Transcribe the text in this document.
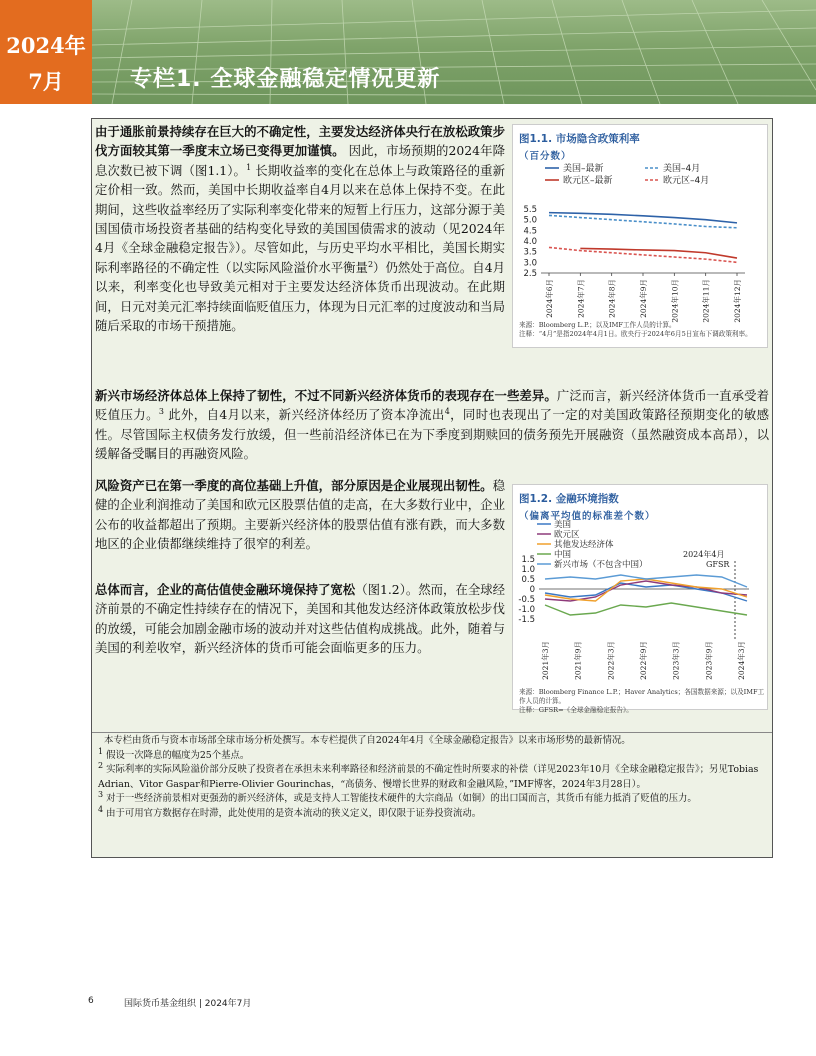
2024年
7月	专栏1. 全球金融稳定情况更新
由于通胀前景持续存在巨大的不确定性，主要发达经济体央行在放松政策步伐方面较其第一季度末立场已变得更加谨慎。 因此，市场预期的2024年降息次数已被下调（图1.1）。$^1$ 长期收益率的变化在总体上与政策路径的重新定价相一致。然而，美国中长期收益率自4月以来在总体上保持不变。在此期间，这些收益率经历了实际利率变化带来的短暂上行压力，这部分源于美国国债市场投资者基础的结构变化导致的美国国债需求的波动（见2024年4月《全球金融稳定报告》）。尽管如此，与历史平均水平相比，美国长期实际利率路径的不确定性（以实际风险溢价水平衡量$^2$）仍然处于高位。自4月以来，利率变化也导致美元相对于主要发达经济体货币出现波动。在此期间，日元对美元汇率持续面临贬值压力，体现为日元汇率的过度波动和当局随后采取的市场干预措施。
新兴市场经济体总体上保持了韧性，不过不同新兴经济体货币的表现存在一些差异。广泛而言，新兴经济体货币一直承受着贬值压力。$^3$ 此外，自4月以来，新兴经济体经历了资本净流出$^4$，同时也表现出了一定的对美国政策路径预期变化的敏感性。尽管国际主权债务发行放缓，但一些前沿经济体已在为下季度到期赎回的债务预先开展融资（虽然融资成本高昂），以缓解备受瞩目的再融资风险。
风险资产已在第一季度的高位基础上升值，部分原因是企业展现出韧性。稳健的企业利润推动了美国和欧元区股票估值的走高，在大多数行业中，企业公布的收益都超出了预期。主要新兴经济体的股票估值有涨有跌，而大多数地区的企业债都继续维持了很窄的利差。
总体而言，企业的高估值使金融环境保持了宽松（图1.2）。然而，在全球经济前景的不确定性持续存在的情况下，美国和其他发达经济体政策放松步伐的放缓，可能会加剧金融市场的波动并对这些估值构成挑战。此外，随着与美国的利差收窄，新兴经济体的货币可能会面临更多的压力。
图1.1. 市场隐含政策利率
（百分数）
美国–最新	美国–4月
欧元区–最新	欧元区–4月
5.5
5.0
4.5
4.0
3.5
3.0
2.5
2024年6月	2024年7月	2024年8月	2024年9月	2024年10月	2024年11月	2024年12月
来源：Bloomberg L.P.；以及IMF工作人员的计算。
注释：“4月”是指2024年4月1日。欧央行于2024年6月5日宣布下调政策利率。
图1.2. 金融环境指数
（偏离平均值的标准差个数）
美国
欧元区
其他发达经济体
中国
新兴市场（不包含中国）
2024年4月
GFSR
1.5
1.0
0.5
0
-0.5
-1.0
-1.5
2021年3月	2021年9月	2022年3月	2022年9月	2023年3月	2023年9月	2024年3月
来源：Bloomberg Finance L.P.；Haver Analytics；各国数据来源；以及IMF工作人员的计算。
注释：GFSR=《全球金融稳定报告》。
本专栏由货币与资本市场部全球市场分析处撰写。本专栏提供了自2024年4月《全球金融稳定报告》以来市场形势的最新情况。
$^1$ 假设一次降息的幅度为25个基点。
$^2$ 实际利率的实际风险溢价部分反映了投资者在承担未来利率路径和经济前景的不确定性时所要求的补偿（详见2023年10月《全球金融稳定报告》；另见Tobias Adrian、Vitor Gaspar和Pierre-Olivier Gourinchas，“高债务、慢增长世界的财政和金融风险，”IMF博客，2024年3月28日）。
$^3$ 对于一些经济前景相对更强劲的新兴经济体，或是支持人工智能技术硬件的大宗商品（如铜）的出口国而言，其货币有能力抵消了贬值的压力。
$^4$ 由于可用官方数据存在时滞，此处使用的是资本流动的狭义定义，即仅限于证券投资流动。
6	国际货币基金组织 | 2024年7月
